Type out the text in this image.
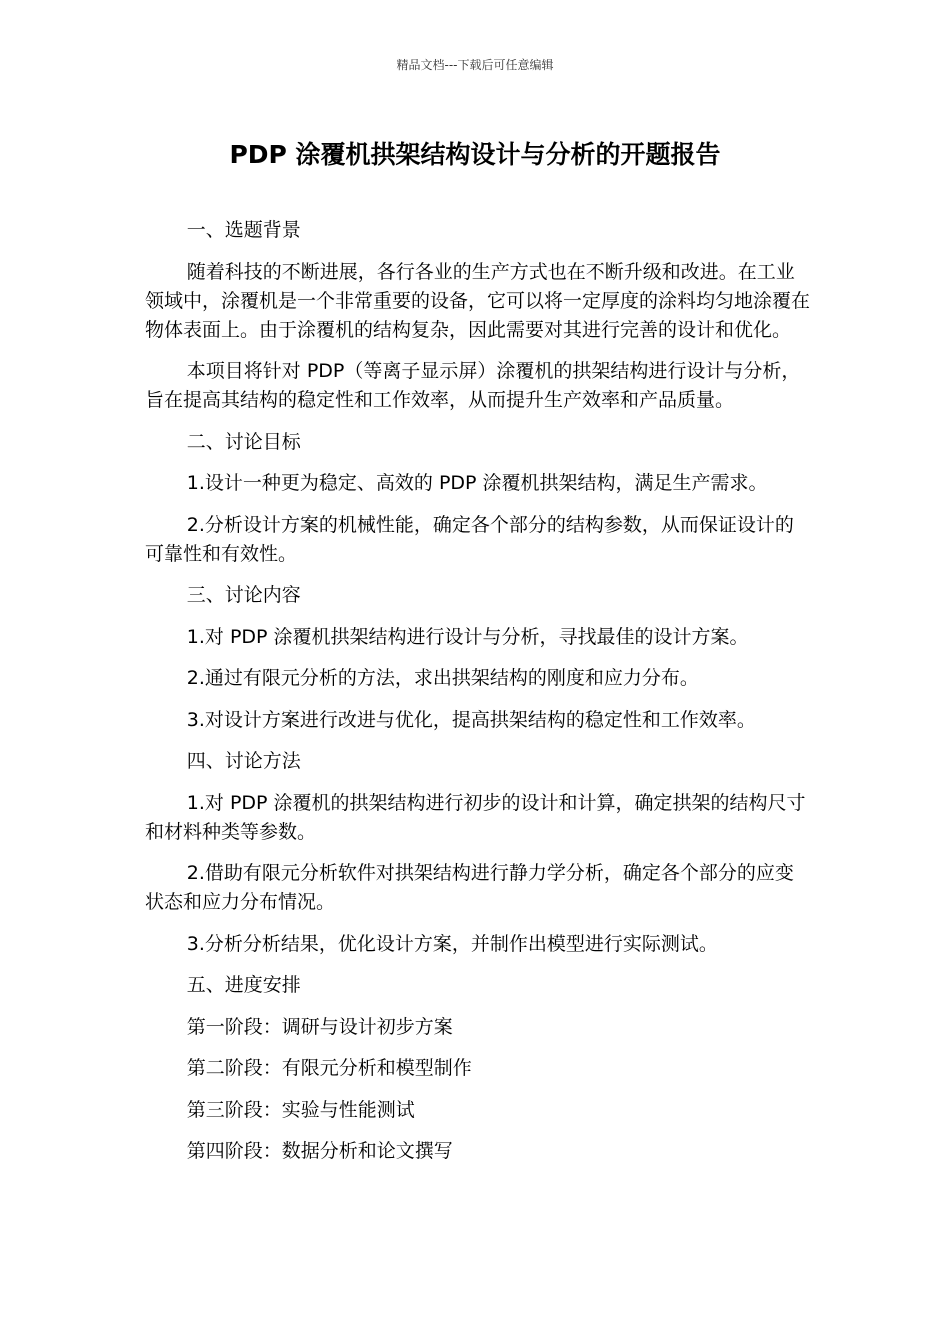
精品文档---下载后可任意编辑
PDP 涂覆机拱架结构设计与分析的开题报告

一、选题背景

随着科技的不断进展，各行各业的生产方式也在不断升级和改进。在工业领域中，涂覆机是一个非常重要的设备，它可以将一定厚度的涂料均匀地涂覆在物体表面上。由于涂覆机的结构复杂，因此需要对其进行完善的设计和优化。

本项目将针对 PDP（等离子显示屏）涂覆机的拱架结构进行设计与分析，旨在提高其结构的稳定性和工作效率，从而提升生产效率和产品质量。

二、讨论目标

1.设计一种更为稳定、高效的 PDP 涂覆机拱架结构，满足生产需求。

2.分析设计方案的机械性能，确定各个部分的结构参数，从而保证设计的可靠性和有效性。

三、讨论内容

1.对 PDP 涂覆机拱架结构进行设计与分析，寻找最佳的设计方案。

2.通过有限元分析的方法，求出拱架结构的刚度和应力分布。

3.对设计方案进行改进与优化，提高拱架结构的稳定性和工作效率。

四、讨论方法

1.对 PDP 涂覆机的拱架结构进行初步的设计和计算，确定拱架的结构尺寸和材料种类等参数。

2.借助有限元分析软件对拱架结构进行静力学分析，确定各个部分的应变状态和应力分布情况。

3.分析分析结果，优化设计方案，并制作出模型进行实际测试。

五、进度安排

第一阶段：调研与设计初步方案

第二阶段：有限元分析和模型制作

第三阶段：实验与性能测试

第四阶段：数据分析和论文撰写
